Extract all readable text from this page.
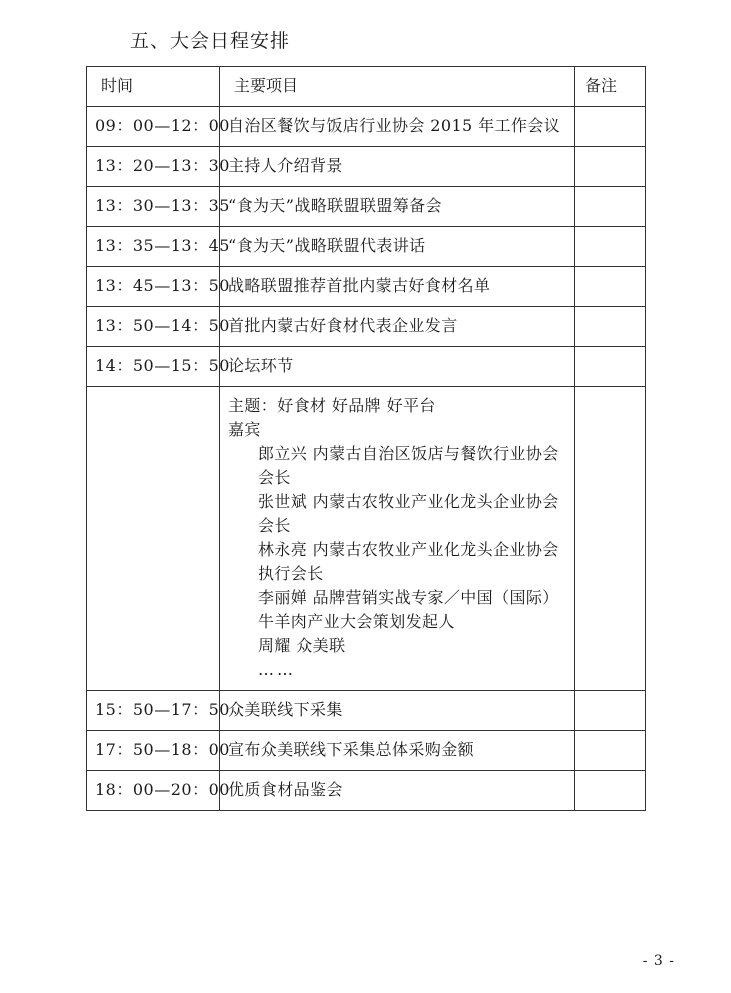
五、大会日程安排
时间	主要项目	备注
09：00—12：00	自治区餐饮与饭店行业协会 2015 年工作会议	
13：20—13：30	主持人介绍背景	
13：30—13：35	“食为天”战略联盟联盟筹备会	
13：35—13：45	“食为天”战略联盟代表讲话	
13：45—13：50	战略联盟推荐首批内蒙古好食材名单	
13：50—14：50	首批内蒙古好食材代表企业发言	
14：50—15：50	论坛环节	

主题：好食材 好品牌 好平台
嘉宾
郎立兴 内蒙古自治区饭店与餐饮行业协会会长
张世斌 内蒙古农牧业产业化龙头企业协会会长
林永亮 内蒙古农牧业产业化龙头企业协会执行会长
李丽婵 品牌营销实战专家／中国（国际）牛羊肉产业大会策划发起人
周耀 众美联
……

15：50—17：50	众美联线下采集	
17：50—18：00	宣布众美联线下采集总体采购金额	
18：00—20：00	优质食材品鉴会	
- 3 -
